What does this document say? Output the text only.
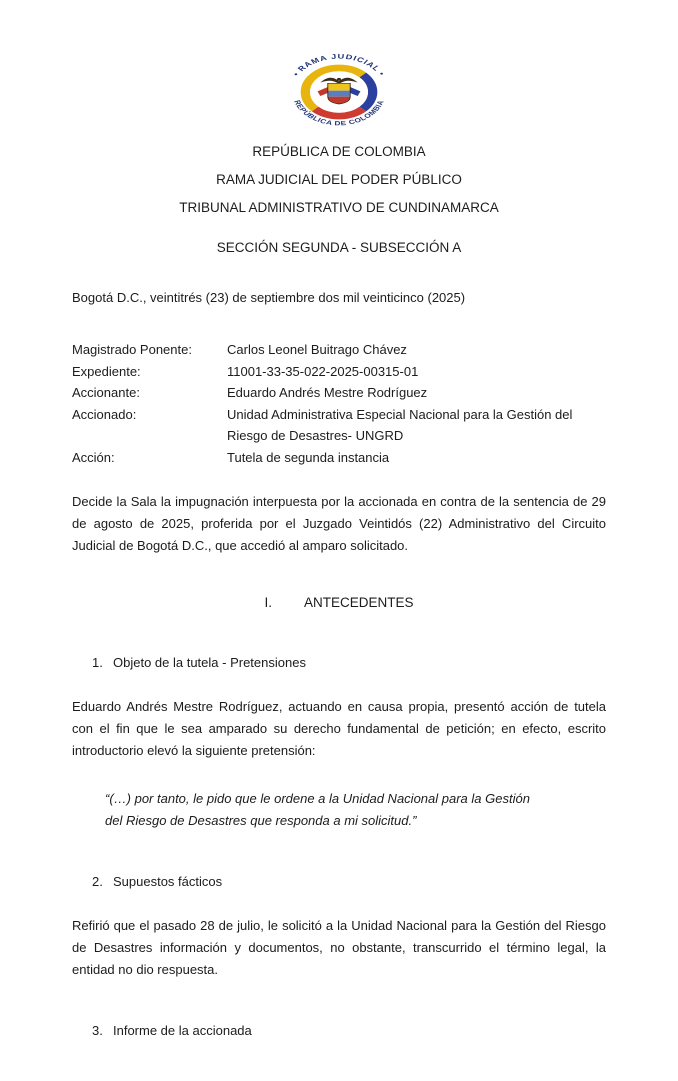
• RAMA JUDICIAL •
REPÚBLICA DE COLOMBIA
REPÚBLICA DE COLOMBIA
RAMA JUDICIAL DEL PODER PÚBLICO
TRIBUNAL ADMINISTRATIVO DE CUNDINAMARCA
SECCIÓN SEGUNDA - SUBSECCIÓN A

Bogotá D.C., veintitrés (23) de septiembre dos mil veinticinco (2025)

Magistrado Ponente:	Carlos Leonel Buitrago Chávez
Expediente:	11001-33-35-022-2025-00315-01
Accionante:	Eduardo Andrés Mestre Rodríguez
Accionado:	Unidad Administrativa Especial Nacional para la Gestión del Riesgo de Desastres- UNGRD
Acción:	Tutela de segunda instancia

Decide la Sala la impugnación interpuesta por la accionada en contra de la sentencia de 29 de agosto de 2025, proferida por el Juzgado Veintidós (22) Administrativo del Circuito Judicial de Bogotá D.C., que accedió al amparo solicitado.

I. ANTECEDENTES
1. Objeto de la tutela - Pretensiones

Eduardo Andrés Mestre Rodríguez, actuando en causa propia, presentó acción de tutela con el fin que le sea amparado su derecho fundamental de petición; en efecto, escrito introductorio elevó la siguiente pretensión:

“(…) por tanto, le pido que le ordene a la Unidad Nacional para la Gestión del Riesgo de Desastres que responda a mi solicitud.”
2. Supuestos fácticos

Refirió que el pasado 28 de julio, le solicitó a la Unidad Nacional para la Gestión del Riesgo de Desastres información y documentos, no obstante, transcurrido el término legal, la entidad no dio respuesta.

3. Informe de la accionada
